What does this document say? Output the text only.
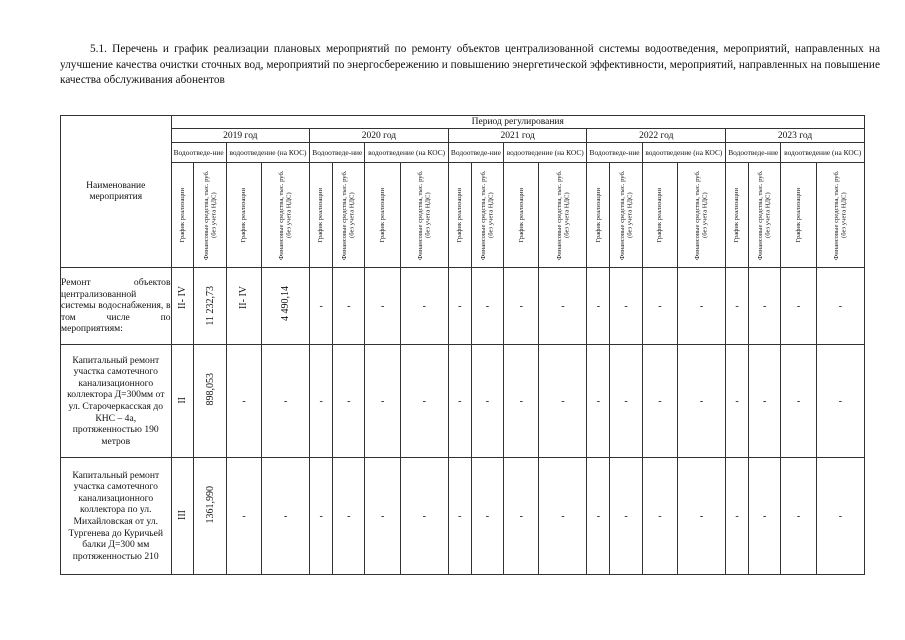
5.1. Перечень и график реализации плановых мероприятий по ремонту объектов централизованной системы водоотведения, мероприятий, направленных на улучшение качества очистки сточных вод, мероприятий по энергосбережению и повышению энергетической эффективности, мероприятий, направленных на повышение качества обслуживания абонентов

Наименование мероприятия	Период регулирования																			
	2019 год				2020 год				2021 год				2022 год				2023 год			
	Водоотведе-ние		водоотведение (на КОС)		Водоотведе-ние		водоотведение (на КОС)		Водоотведе-ние		водоотведение (на КОС)		Водоотведе-ние		водоотведение (на КОС)		Водоотведе-ние		водоотведение (на КОС)	

	График реализации	Финансовые средства, тыс. руб. (без учета НДС)	График реализации	Финансовые средства, тыс. руб. (без учета НДС)	График реализации	Финансовые средства, тыс. руб. (без учета НДС)	График реализации	Финансовые средства, тыс. руб. (без учета НДС)	График реализации	Финансовые средства, тыс. руб. (без учета НДС)	График реализации	Финансовые средства, тыс. руб. (без учета НДС)	График реализации	Финансовые средства, тыс. руб. (без учета НДС)	График реализации	Финансовые средства, тыс. руб. (без учета НДС)	График реализации	Финансовые средства, тыс. руб. (без учета НДС)	График реализации	Финансовые средства, тыс. руб. (без учета НДС)

Ремонт объектов централизованной системы водоснабжения, в том числе по мероприятиям:	II- IV	11 232,73	II- IV	4 490,14	-	-	-	-	-	-	-	-	-	-	-	-	-	-	-	-
Капитальный ремонт участка самотечного канализационного коллектора Д=300мм от ул. Старочеркасская до КНС – 4а, протяженностью 190 метров	II	898,053	-	-	-	-	-	-	-	-	-	-	-	-	-	-	-	-	-	-
Капитальный ремонт участка самотечного канализационного коллектора по ул. Михайловская от ул. Тургенева до Куричьей балки Д=300 мм протяженностью 210	III	1361,990	-	-	-	-	-	-	-	-	-	-	-	-	-	-	-	-	-	-
